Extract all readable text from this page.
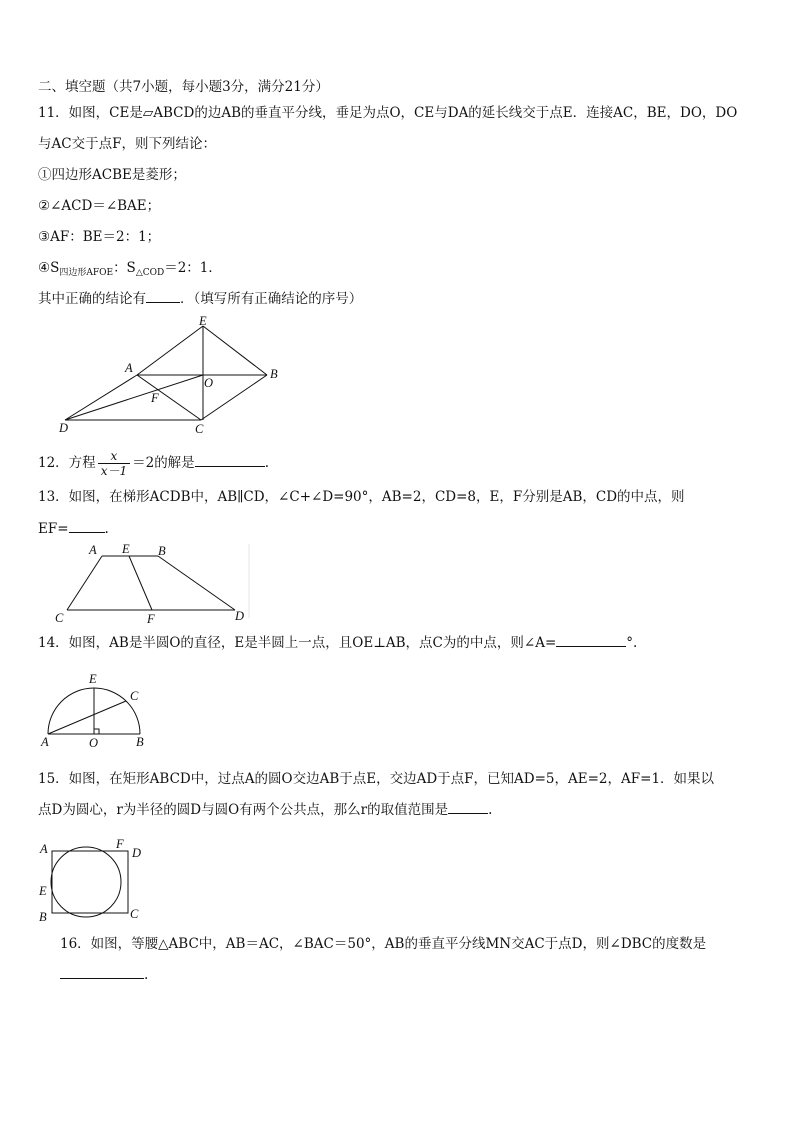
二、填空题（共7小题，每小题3分，满分21分）
11．如图，CE是▱ABCD的边AB的垂直平分线，垂足为点O，CE与DA的延长线交于点E．连接AC，BE，DO，DO
与AC交于点F，则下列结论：
①四边形ACBE是菱形；
②∠ACD＝∠BAE；
③AF：BE＝2：1；
$④S_{四边形AFOE}$：$S_{\triangle COD}=2$：1．
其中正确的结论有	．（填写所有正确结论的序号）
E
A
O
B
F
D	C
12．方程 $\frac{x}{x-1} =2$的解是	.
13．如图，在梯形ACDB中，AB∥CD，∠C+∠D=90°，AB=2，CD=8，E，F分别是AB，CD的中点，则
EF=	.
A E B
C	F	D
14．如图，AB是半圆O的直径，E是半圆上一点，且OE⊥AB，点C为的中点，则∠A=	°.
E
C
A	O	B
15．如图，在矩形ABCD中，过点A的圆O交边AB于点E，交边AD于点F，已知AD=5，AE=2，AF=1．如果以
点D为圆心，r为半径的圆D与圆O有两个公共点，那么r的取值范围是	.
A	F
D
E
B	C
16．如图，等腰△ABC中，AB＝AC，∠BAC＝50°，AB的垂直平分线MN交AC于点D，则∠DBC的度数是
.
